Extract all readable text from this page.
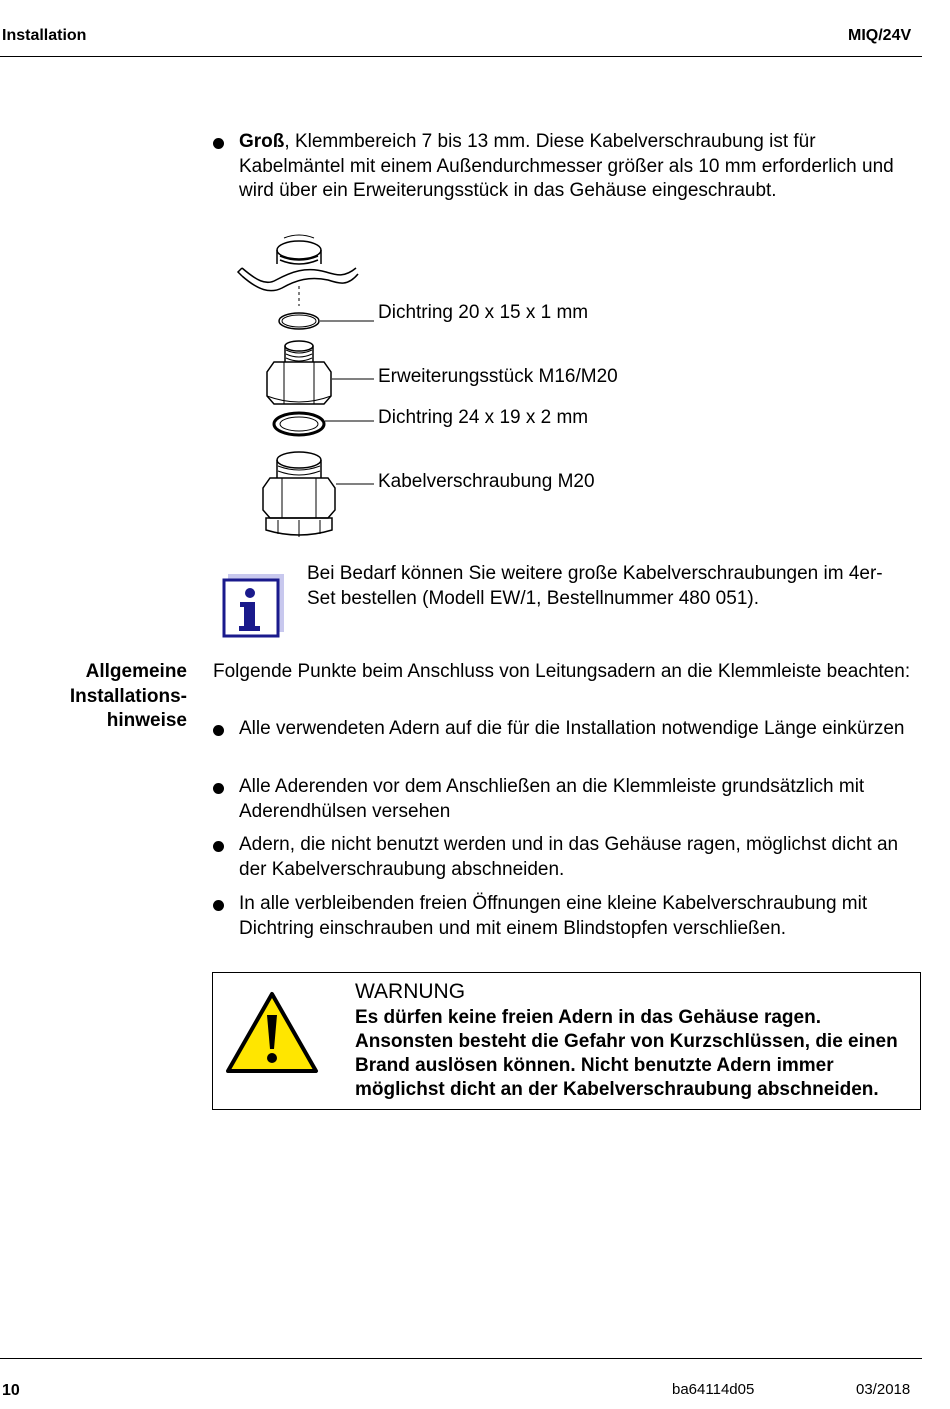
Installation	MIQ/24V
Groß, Klemmbereich 7 bis 13 mm. Diese Kabelverschraubung ist für Kabelmäntel mit einem Außendurchmesser größer als 10 mm erforderlich und wird über ein Erweiterungsstück in das Gehäuse eingeschraubt.
Dichtring 20 x 15 x 1 mm
Erweiterungsstück M16/M20
Dichtring 24 x 19 x 2 mm
Kabelverschraubung M20
Bei Bedarf können Sie weitere große Kabelverschraubungen im 4er-Set bestellen (Modell EW/1, Bestellnummer 480 051).
Allgemeine
Installations-
hinweise
Folgende Punkte beim Anschluss von Leitungsadern an die Klemmleiste beachten:
Alle verwendeten Adern auf die für die Installation notwendige Länge einkürzen
Alle Aderenden vor dem Anschließen an die Klemmleiste grundsätzlich mit Aderendhülsen versehen
Adern, die nicht benutzt werden und in das Gehäuse ragen, möglichst dicht an der Kabelverschraubung abschneiden.
In alle verbleibenden freien Öffnungen eine kleine Kabelverschraubung mit Dichtring einschrauben und mit einem Blindstopfen verschließen.
WARNUNG
Es dürfen keine freien Adern in das Gehäuse ragen. Ansonsten besteht die Gefahr von Kurzschlüssen, die einen Brand auslösen können. Nicht benutzte Adern immer möglichst dicht an der Kabelverschraubung abschneiden.
10	ba64114d05	03/2018
